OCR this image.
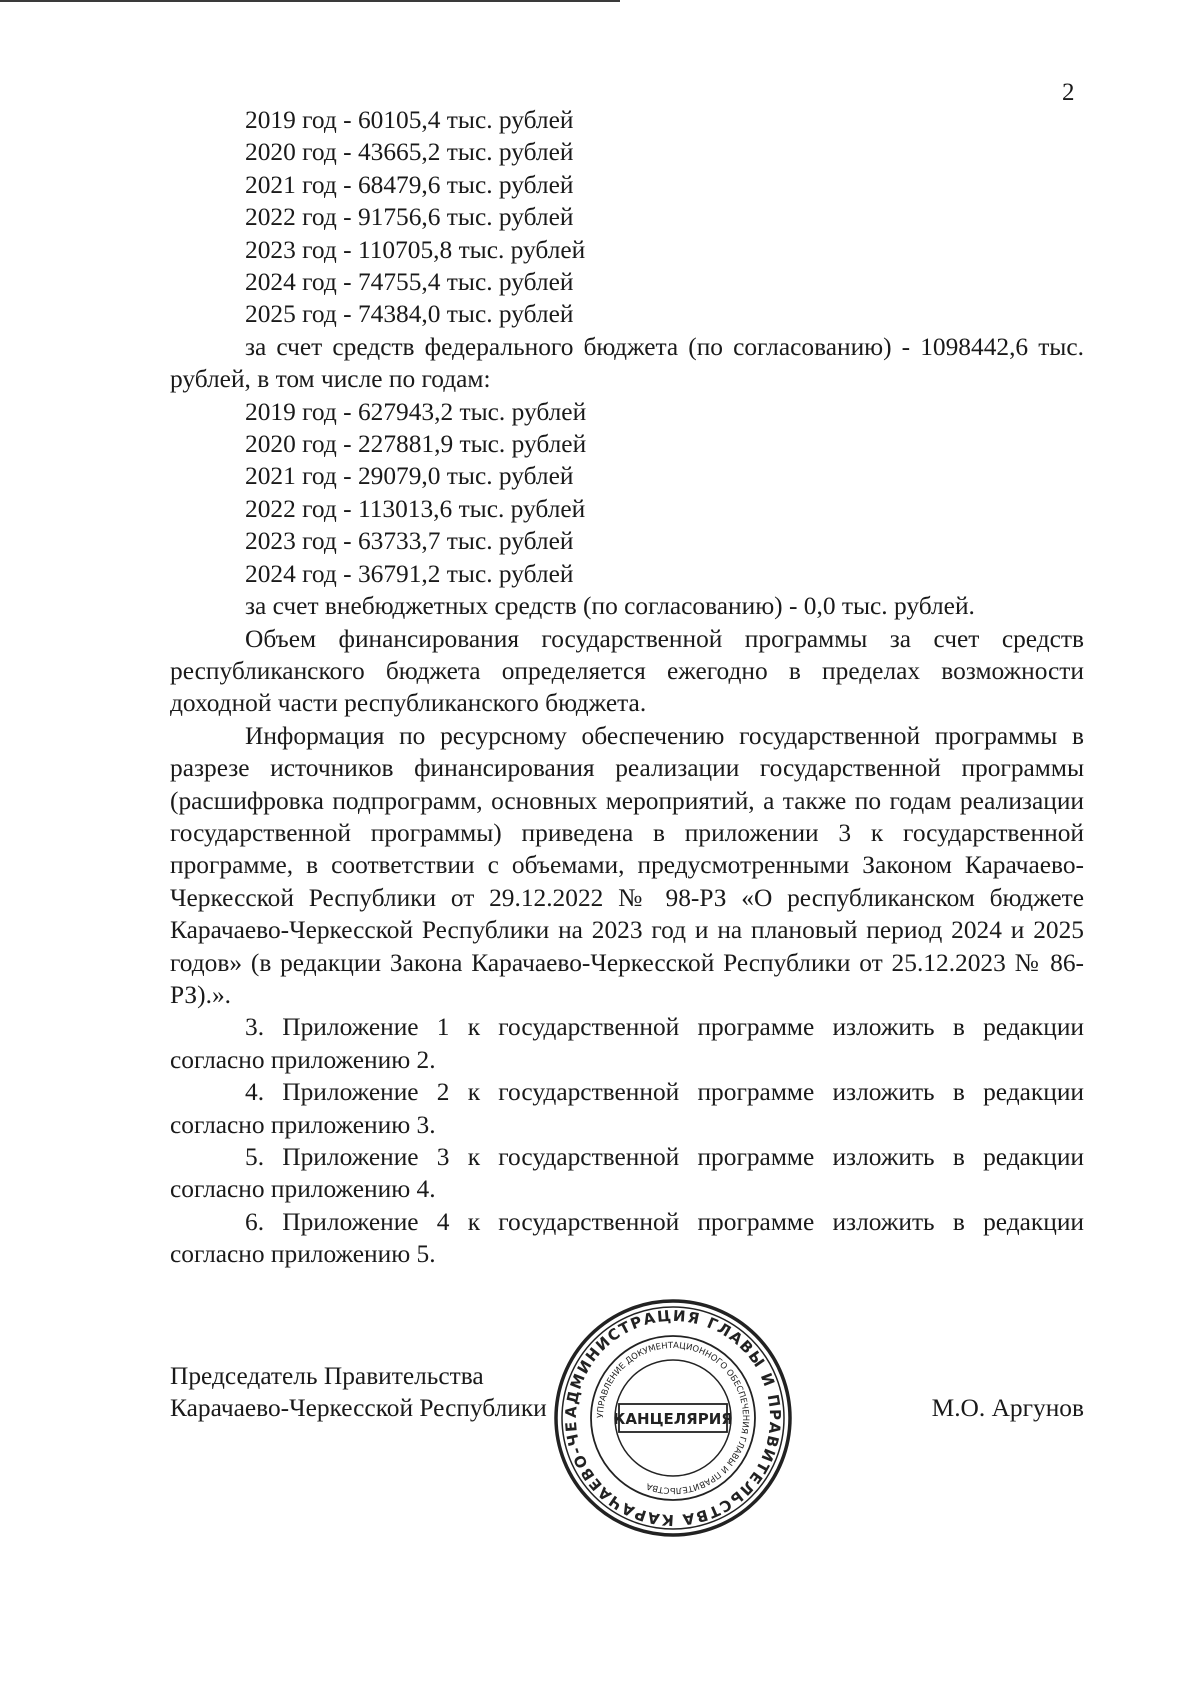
2

2019 год - 60105,4 тыс. рублей

2020 год - 43665,2 тыс. рублей

2021 год - 68479,6 тыс. рублей

2022 год - 91756,6 тыс. рублей

2023 год - 110705,8 тыс. рублей

2024 год - 74755,4 тыс. рублей

2025 год - 74384,0 тыс. рублей

за счет средств федерального бюджета (по согласованию) - 1098442,6 тыс. рублей, в том числе по годам:

2019 год - 627943,2 тыс. рублей

2020 год - 227881,9 тыс. рублей

2021 год - 29079,0 тыс. рублей

2022 год - 113013,6 тыс. рублей

2023 год - 63733,7 тыс. рублей

2024 год - 36791,2 тыс. рублей

за счет внебюджетных средств (по согласованию) - 0,0 тыс. рублей.

Объем финансирования государственной программы за счет средств республиканского бюджета определяется ежегодно в пределах возможности доходной части республиканского бюджета.

Информация по ресурсному обеспечению государственной программы в разрезе источников финансирования реализации государственной программы (расшифровка подпрограмм, основных мероприятий, а также по годам реализации государственной программы) приведена в приложении 3 к государственной программе, в соответствии с объемами, предусмотренными Законом Карачаево-Черкесской Республики от 29.12.2022 № 98-РЗ «О республиканском бюджете Карачаево-Черкесской Республики на 2023 год и на плановый период 2024 и 2025 годов» (в редакции Закона Карачаево-Черкесской Республики от 25.12.2023 № 86-РЗ).».

3. Приложение 1 к государственной программе изложить в редакции согласно приложению 2.

4. Приложение 2 к государственной программе изложить в редакции согласно приложению 3.

5. Приложение 3 к государственной программе изложить в редакции согласно приложению 4.

6. Приложение 4 к государственной программе изложить в редакции согласно приложению 5.

Председатель Правительства
Карачаево-Черкесской Республики	М.О. Аргунов
АДМИНИСТРАЦИЯ ГЛАВЫ И ПРАВИТЕЛЬСТВА КАРАЧАЕВО-ЧЕ
УПРАВЛЕНИЕ ДОКУМЕНТАЦИОННОГО ОБЕСПЕЧЕНИЯ ГЛАВЫ И ПРАВИТЕЛЬСТВА
КАНЦЕЛЯРИЯ
